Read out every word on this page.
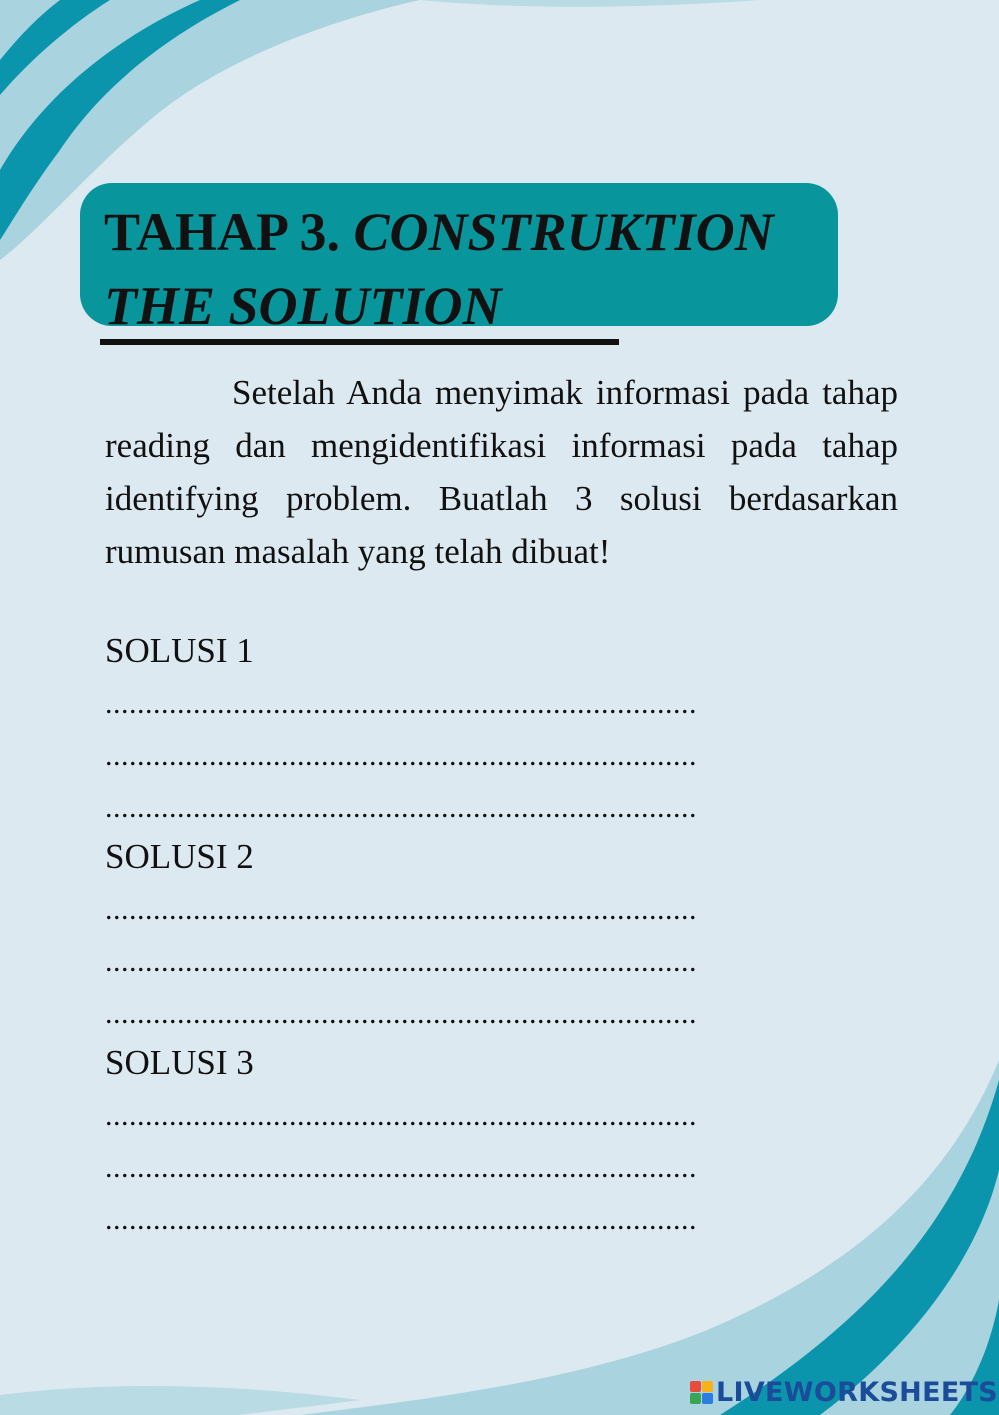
TAHAP 3. CONSTRUKTION
THE SOLUTION

Setelah Anda menyimak informasi pada tahap reading dan mengidentifikasi informasi pada tahap identifying problem. Buatlah 3 solusi berdasarkan rumusan masalah yang telah dibuat!

SOLUSI 1

..........................................................................

..........................................................................

..........................................................................

SOLUSI 2

..........................................................................

..........................................................................

..........................................................................

SOLUSI 3

..........................................................................

..........................................................................

..........................................................................

LIVEWORKSHEETS
